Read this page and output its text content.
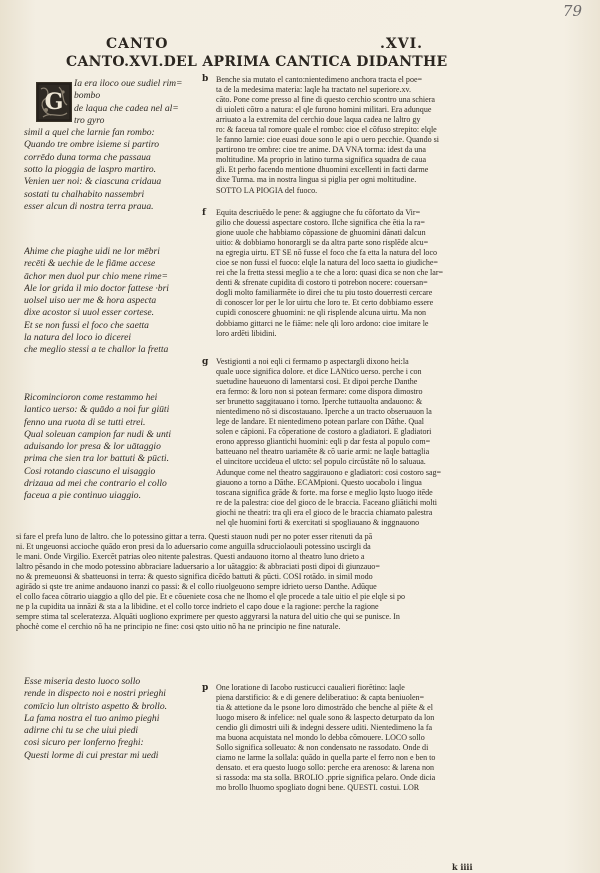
79
CANTO	.XVI.
CANTO.XVI.DEL APRIMA CANTICA DIDANTHE
G
Ia era iloco oue sudiel rim=
bombo
de laqua che cadea nel al=
tro gyro
simil a quel che larnie fan rombo:
Quando tre ombre isieme si partiro
corrēdo duna torma che passaua
sotto la pioggia de laspro martiro.
Venien uer noi: & ciascuna cridaua
sostati tu chalhabito nassembri
esser alcun di nostra terra praua.
Ahime che piaghe uidi ne lor mēbri
recēti & uechie de le fiāme accese
āchor men duol pur chio mene rime=
Ale lor grida il mio doctor fattese ·bri
uolsel uiso uer me & hora aspecta
dixe acostor si uuol esser cortese.
Et se non fussi el foco che saetta
la natura del loco io dicerei
che meglio stessi a te challor la fretta
Ricomincioron come restammo hei
lantico uerso: & quādo a noi fur giūti
fenno una ruota di se tutti etrei.
Qual soleuan campion far nudi & unti
aduisando lor presa & lor uātaggio
prima che sien tra lor battuti & pūcti.
Cosi rotando ciascuno el uisaggio
drizaua ad mei che contrario el collo
faceua a pie continuo uiaggio.
b
f
g
p
Benche sia mutato el canto:nientedimeno anchora tracta el poe=
ta de la medesima materia: laqle ha tractato nel superiore.xv.
cāto. Pone come presso al fine di questo cerchio scontro una schiera
di uioleti cōtro a natura: el qle furono homini militari. Era adunque
arriuato a la extremita del cerchio doue laqua cadea ne laltro gy
ro: & faceua tal romore quale el rombo: cioe el cōfuso strepito: elqle
le fanno larnie: cioe euasi doue sono le api o uero pecchie. Quando si
partirono tre ombre: cioe tre anime. DA VNA torma: idest da una
moltitudine. Ma proprio in latino turma significa squadra de caua
gli. Et perho facendo mentione dhuomini excellenti in facti darme
dixe Turma. ma in nostra lingua si piglia per ogni moltitudine.
SOTTO LA PIOGIA del fuoco.
Equita descriuēdo le pene: & aggiugne che fu cōfortato da Vir=
gilio che douessi aspectare costoro. Ilche significa che ētia la ra=
gione uuole che habbiamo cōpassione de ghuomini dānati dalcun
uitio: & dobbiamo honorargli se da altra parte sono risplēde alcu=
na egregia uirtu. ET SE nō fusse el foco che fa etta la natura del loco
cioe se non fussi el fuoco: elqle la natura del loco saetta io giudiche=
rei che la fretta stessi meglio a te che a loro: quasi dica se non che lar=
denti & sfrenate cupidita di costoro ti potrebon nocere: couersan=
dogli molto familiarmēte io direi che tu piu tosto douerresti cercare
di conoscer lor per le lor uirtu che loro te. Et certo dobbiamo essere
cupidi conoscere ghuomini: ne qli risplende alcuna uirtu. Ma non
dobbiamo gittarci ne le fiāme: nele qli loro ardono: cioe imitare le
loro ardēti libidini.
Vestigionti a noi eqli ci fermamo p aspectargli dixono hei:la
quale uoce significa dolore. et dice LANtico uerso. perche i con
suetudine haueuono di lamentarsi cosi. Et dipoi perche Danthe
era fermo: & loro non si potean fermare: come dispora dimostro
ser brunetto saggitauano i torno. Iperche tuttauolta andauono: &
nientedimeno nō si discostauano. Iperche a un tracto obseruauon la
lege de landare. Et nientedimeno potean parlare con Dāthe. Qual
solen e cāpioni. Fa cōperatione de costoro a gladiatori. E gladiatori
erono appresso gliantichi huomini: eqli p dar festa al populo com=
batteuano nel theatro uariamēte & cō uarie armi: ne laqle battaglia
el uincitore uccideua el uīcto: sel populo circūstāte nō lo saluaua.
Adunque come nel theatro saggirauono e gladiatori: cosi costoro sag=
giauono a torno a Dāthe. ECAMpioni. Questo uocabolo i lingua
toscana significa grāde & forte. ma forse e meglio lqsto luogo itēde
re de la palestra: cioe del gioco de le braccia. Faceano gliātichi molti
giochi ne theatri: tra qli era el gioco de le braccia chiamato palestra
nel qle huomini forti & exercitati si spogliauano & inggnauono
si fare el prefa luno de laltro. che lo potessino gittar a terra. Questi stauon nudi per no poter esser ritenuti da pā
ni. Et ungeuonsi accioche quādo eron presi da lo aduersario come anguilla sdrucciolaouli potessino uscirgli da
le mani. Onde Virgilio. Exercēt patrias oleo nitente palestras. Questi andauono itorno al theatro luno drieto a
laltro pēsando in che modo potessino abbraciare laduersario a lor uātaggio: & abbraciati posti dipoi di giunzauo=
no & premeuonsi & sbatteuonsi in terra: & questo significa dicēdo battuti & pūcti. COSI rotādo. in simil modo
agirādo si qste tre anime andauono inanzi co passi: & el collo riuolgeuono sempre idrieto uerso Danthe. Adūque
el collo facea cōtrario uiaggio a qllo del pie. Et e cōueniete cosa che ne lhomo el qle procede a tale uitio el pie elqle si po
ne p la cupidita ua innāzi & sta a la libidine. et el collo torce indrieto el capo doue e la ragione: perche la ragione
sempre stima tal sceleratezza. Alquāti uogliono exprimere per questo aggyrarsi la natura del uitio che qui se punisce. In
phochè come el cerchio nō ha ne principio ne fine: cosi qsto uitio nō ha ne principio ne fine naturale.
Esse miseria desto luoco sollo
rende in dispecto noi e nostri prieghi
comīcio lun oltristo aspetto & brollo.
La fama nostra el tuo animo pieghi
adirne chi tu se che uiui piedi
cosi sicuro per lonferno freghi:
Questi lorme di cui prestar mi uedi
One loratione di Iacobo rusticucci caualieri fiorētino: laqle
piena darstificio: & e di genere deliberatiuo: & capta beniuolen=
tia & attetione da le psone loro dimostrādo che benche al piēte & el
luogo misero & infelice: nel quale sono & laspecto deturpato da lon
cendio gli dimostri uili & indegni dessere uditi. Nientedimeno la fa
ma buona acquistata nel mondo lo debba cōmouere. LOCO sollo
Sollo significa solleuato: & non condensato ne rassodato. Onde di
ciamo ne larme la sollala: quādo in quella parte el ferro non e ben to
densato. et era questo luogo sollo: perche era arenoso: & larena non
si rassoda: ma sta solla. BROLIO .pprie significa pelaro. Onde dicia
mo brollo lhuomo spogliato dogni bene. QUESTI. costui. LOR
k iiii
